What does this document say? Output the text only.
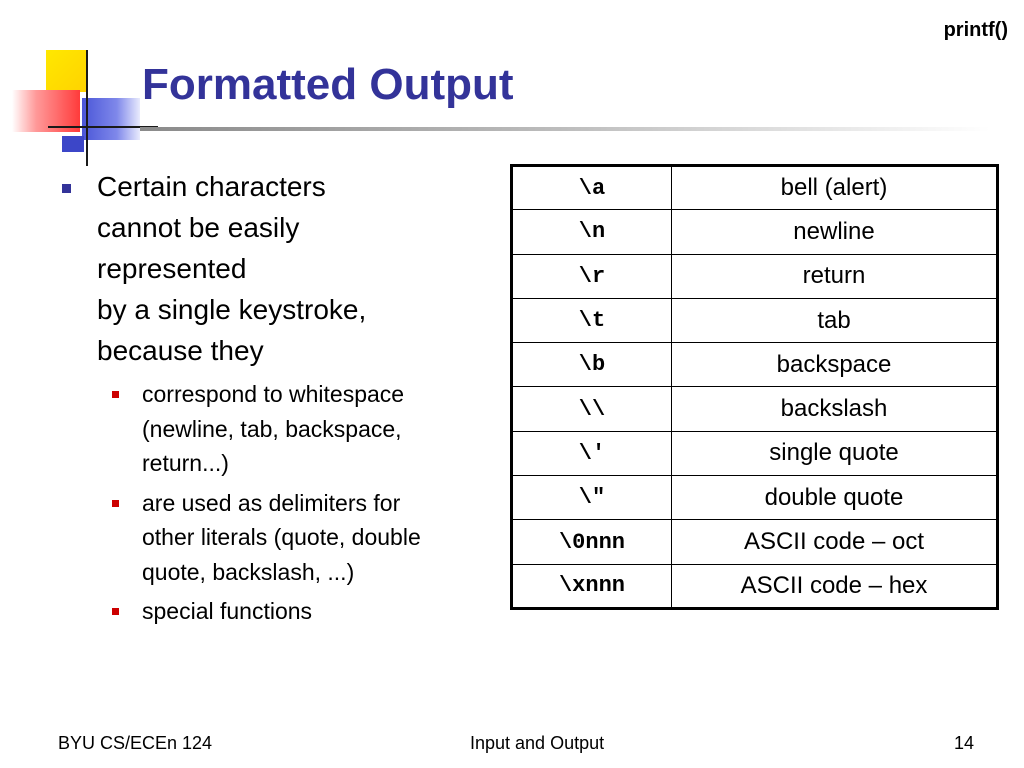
printf()
Formatted Output
Certain characters
cannot be easily
represented
by a single keystroke,
because they
correspond to whitespace
(newline, tab, backspace,
return...)
are used as delimiters for
other literals (quote, double
quote, backslash, ...)
special functions
\a	bell (alert)
\n	newline
\r	return
\t	tab
\b	backspace
\\	backslash
\'	single quote
\"	double quote
\0nnn	ASCII code – oct
\xnnn	ASCII code – hex
BYU CS/ECEn 124	Input and Output	14
